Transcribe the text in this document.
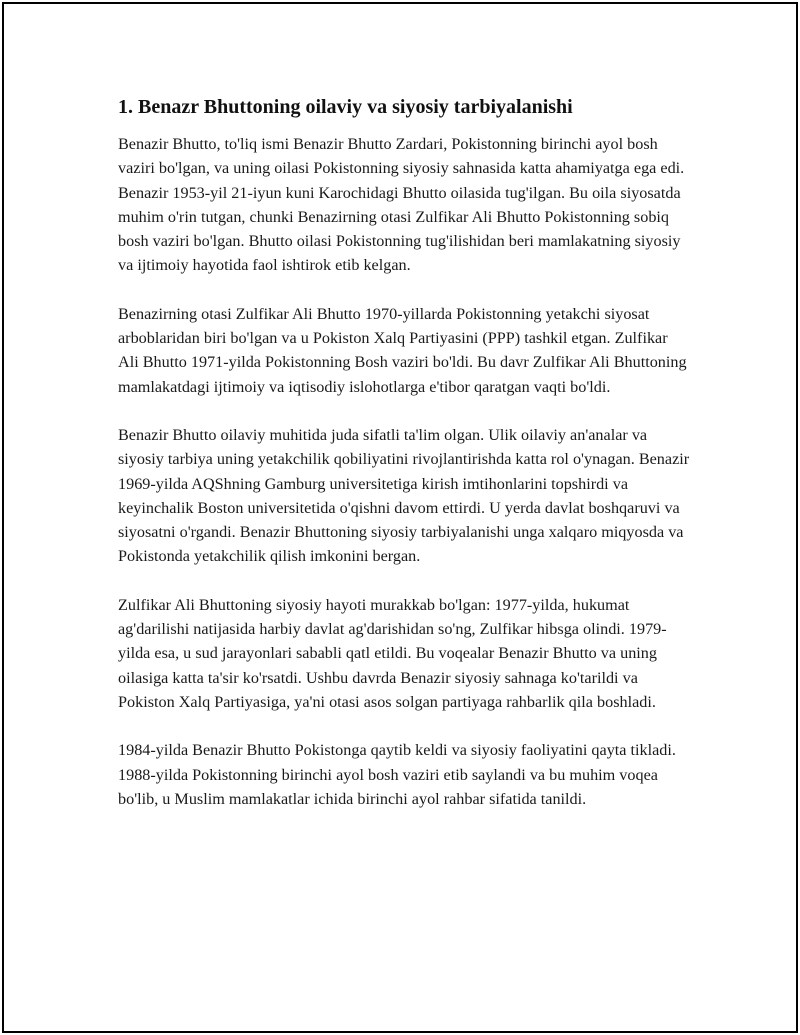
1. Benazr Bhuttoning oilaviy va siyosiy tarbiyalanishi

Benazir Bhutto, to'liq ismi Benazir Bhutto Zardari, Pokistonning birinchi ayol bosh vaziri bo'lgan, va uning oilasi Pokistonning siyosiy sahnasida katta ahamiyatga ega edi. Benazir 1953-yil 21-iyun kuni Karochidagi Bhutto oilasida tug'ilgan. Bu oila siyosatda muhim o'rin tutgan, chunki Benazirning otasi Zulfikar Ali Bhutto Pokistonning sobiq bosh vaziri bo'lgan. Bhutto oilasi Pokistonning tug'ilishidan beri mamlakatning siyosiy va ijtimoiy hayotida faol ishtirok etib kelgan.

Benazirning otasi Zulfikar Ali Bhutto 1970-yillarda Pokistonning yetakchi siyosat arboblaridan biri bo'lgan va u Pokiston Xalq Partiyasini (PPP) tashkil etgan. Zulfikar Ali Bhutto 1971-yilda Pokistonning Bosh vaziri bo'ldi. Bu davr Zulfikar Ali Bhuttoning mamlakatdagi ijtimoiy va iqtisodiy islohotlarga e'tibor qaratgan vaqti bo'ldi.

Benazir Bhutto oilaviy muhitida juda sifatli ta'lim olgan. Ulik oilaviy an'analar va siyosiy tarbiya uning yetakchilik qobiliyatini rivojlantirishda katta rol o'ynagan. Benazir 1969-yilda AQShning Gamburg universitetiga kirish imtihonlarini topshirdi va keyinchalik Boston universitetida o'qishni davom ettirdi. U yerda davlat boshqaruvi va siyosatni o'rgandi. Benazir Bhuttoning siyosiy tarbiyalanishi unga xalqaro miqyosda va Pokistonda yetakchilik qilish imkonini bergan.

Zulfikar Ali Bhuttoning siyosiy hayoti murakkab bo'lgan: 1977-yilda, hukumat ag'darilishi natijasida harbiy davlat ag'darishidan so'ng, Zulfikar hibsga olindi. 1979-yilda esa, u sud jarayonlari sababli qatl etildi. Bu voqealar Benazir Bhutto va uning oilasiga katta ta'sir ko'rsatdi. Ushbu davrda Benazir siyosiy sahnaga ko'tarildi va Pokiston Xalq Partiyasiga, ya'ni otasi asos solgan partiyaga rahbarlik qila boshladi.

1984-yilda Benazir Bhutto Pokistonga qaytib keldi va siyosiy faoliyatini qayta tikladi. 1988-yilda Pokistonning birinchi ayol bosh vaziri etib saylandi va bu muhim voqea bo'lib, u Muslim mamlakatlar ichida birinchi ayol rahbar sifatida tanildi.
